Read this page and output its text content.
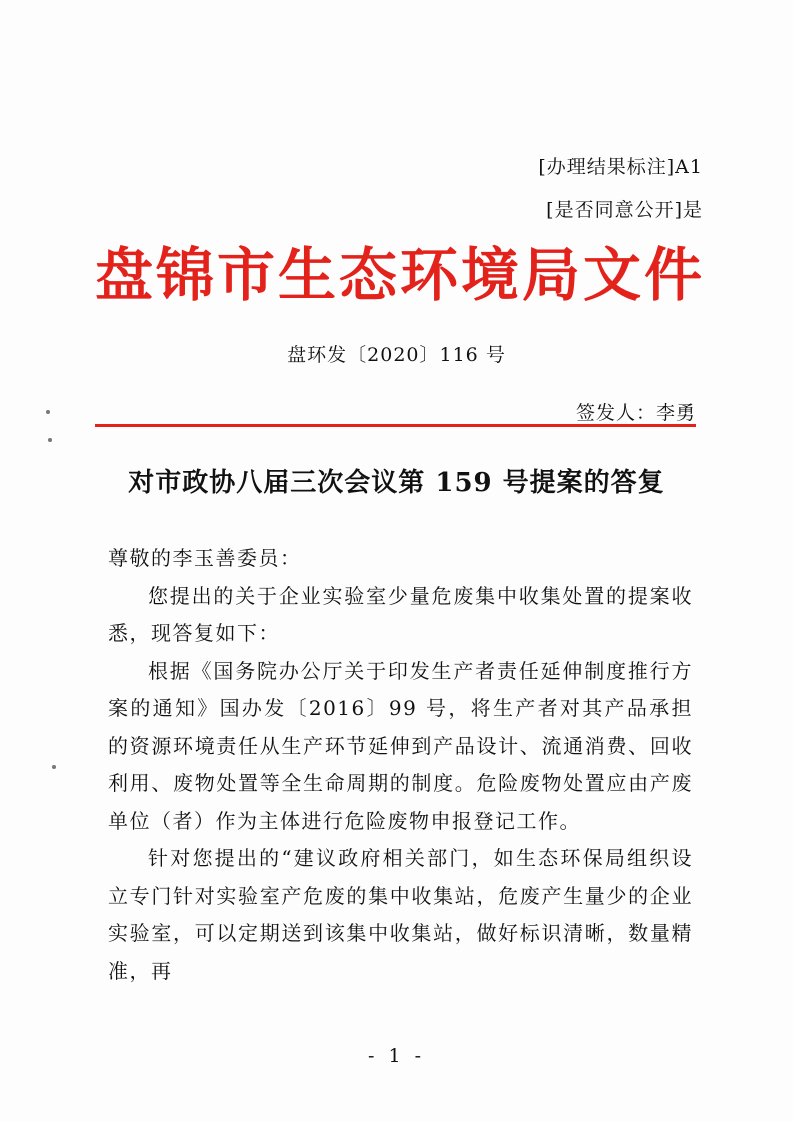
[办理结果标注]A1
[是否同意公开]是
盘锦市生态环境局文件
盘环发〔2020〕116 号
签发人：李勇
对市政协八届三次会议第 159 号提案的答复

尊敬的李玉善委员：

您提出的关于企业实验室少量危废集中收集处置的提案收悉，现答复如下：

根据《国务院办公厅关于印发生产者责任延伸制度推行方案的通知》国办发〔2016〕99 号，将生产者对其产品承担的资源环境责任从生产环节延伸到产品设计、流通消费、回收利用、废物处置等全生命周期的制度。危险废物处置应由产废单位（者）作为主体进行危险废物申报登记工作。

针对您提出的“建议政府相关部门，如生态环保局组织设立专门针对实验室产危废的集中收集站，危废产生量少的企业实验室，可以定期送到该集中收集站，做好标识清晰，数量精准，再

- 1 -
